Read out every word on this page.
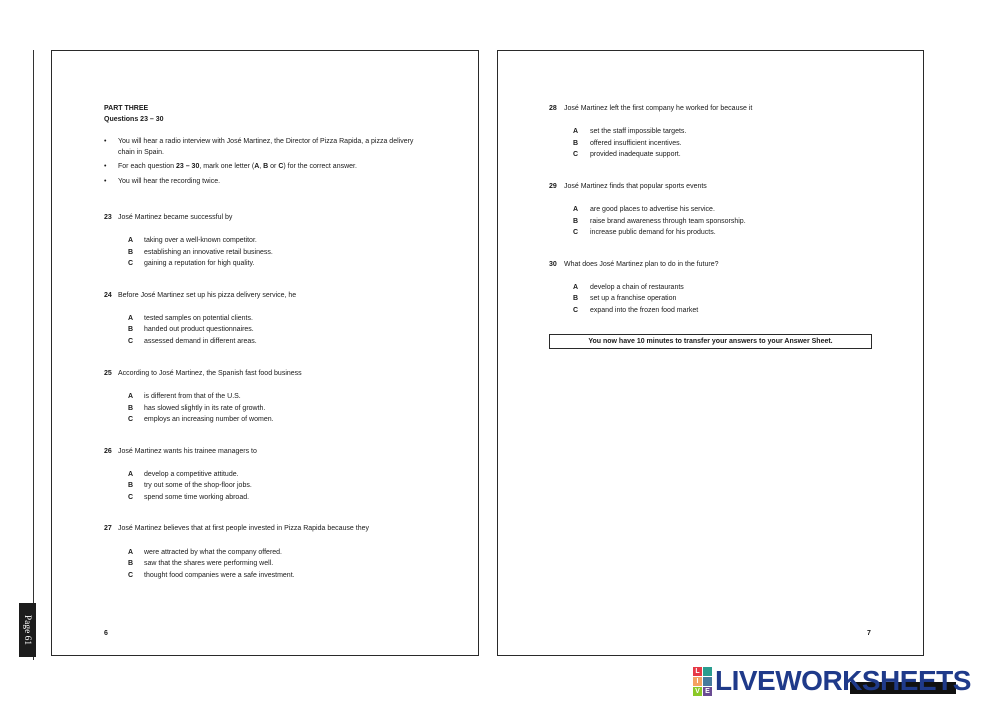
Page 61
PART THREE
Questions 23 – 30
• You will hear a radio interview with José Martinez, the Director of Pizza Rapida, a pizza delivery
chain in Spain.
• For each question 23 – 30, mark one letter (A, B or C) for the correct answer.
• You will hear the recording twice.
23 José Martinez became successful by
A taking over a well-known competitor.
B establishing an innovative retail business.
C gaining a reputation for high quality.
24 Before José Martinez set up his pizza delivery service, he
A tested samples on potential clients.
B handed out product questionnaires.
C assessed demand in different areas.
25 According to José Martinez, the Spanish fast food business
A is different from that of the U.S.
B has slowed slightly in its rate of growth.
C employs an increasing number of women.
26 José Martinez wants his trainee managers to
A develop a competitive attitude.
B try out some of the shop-floor jobs.
C spend some time working abroad.
27 José Martinez believes that at first people invested in Pizza Rapida because they
A were attracted by what the company offered.
B saw that the shares were performing well.
C thought food companies were a safe investment.
6
28 José Martinez left the first company he worked for because it
A set the staff impossible targets.
B offered insufficient incentives.
C provided inadequate support.
29 José Martinez finds that popular sports events
A are good places to advertise his service.
B raise brand awareness through team sponsorship.
C increase public demand for his products.
30 What does José Martinez plan to do in the future?
A develop a chain of restaurants
B set up a franchise operation
C expand into the frozen food market
You now have 10 minutes to transfer your answers to your Answer Sheet.
7
L
I
V E LIVEWORKSHEETS
